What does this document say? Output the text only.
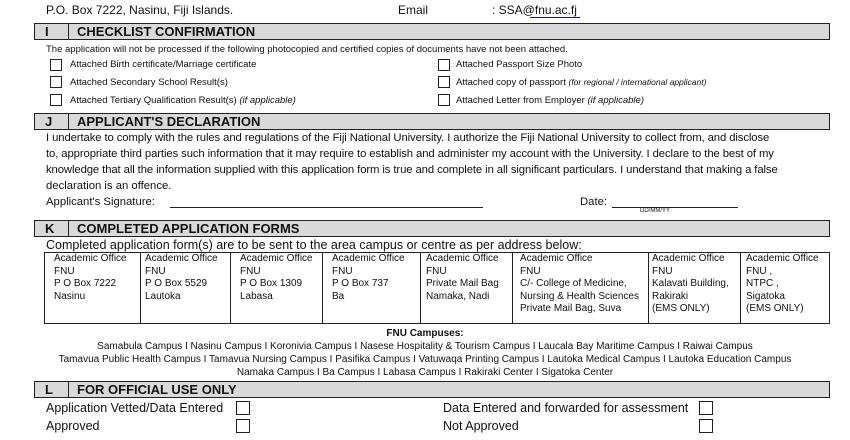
P.O. Box 7222, Nasinu, Fiji Islands.	Email	: SSA@fnu.ac.fj
I	CHECKLIST CONFIRMATION
The application will not be processed if the following photocopied and certified copies of documents have not been attached.
Attached Birth certificate/Marriage certificate
Attached Secondary School Result(s)
Attached Tertiary Qualification Result(s) (if applicable)
Attached Passport Size Photo
Attached copy of passport (for regional / international applicant)
Attached Letter from Employer (if applicable)
J	APPLICANT'S DECLARATION
I undertake to comply with the rules and regulations of the Fiji National University. I authorize the Fiji National University to collect from, and disclose
to, appropriate third parties such information that it may require to establish and administer my account with the University. I declare to the best of my
knowledge that all the information supplied with this application form is true and complete in all significant particulars. I understand that making a false
declaration is an offence.
Applicant's Signature:	Date:
DD/MM/YY
K	COMPLETED APPLICATION FORMS
Completed application form(s) are to be sent to the area campus or centre as per address below:
Academic Office
FNU
P O Box 7222
Nasinu
Academic Office
FNU
P O Box 5529
Lautoka
Academic Office
FNU
P O Box 1309
Labasa
Academic Office
FNU
P O Box 737
Ba
Academic Office
FNU
Private Mail Bag
Namaka, Nadi
Academic Office
FNU
C/- College of Medicine,
Nursing & Health Sciences
Private Mail Bag, Suva
Academic Office
FNU
Kalavati Building,
Rakiraki
(EMS ONLY)
Academic Office
FNU ,
NTPC ,
Sigatoka
(EMS ONLY)
FNU Campuses:
Samabula Campus I Nasinu Campus I Koronivia Campus I Nasese Hospitality & Tourism Campus I Laucala Bay Maritime Campus I Raiwai Campus
Tamavua Public Health Campus I Tamavua Nursing Campus I Pasifika Campus I Vatuwaqa Printing Campus I Lautoka Medical Campus I Lautoka Education Campus
Namaka Campus I Ba Campus I Labasa Campus I Rakiraki Center I Sigatoka Center
L	FOR OFFICIAL USE ONLY
Application Vetted/Data Entered
Approved
Data Entered and forwarded for assessment
Not Approved
